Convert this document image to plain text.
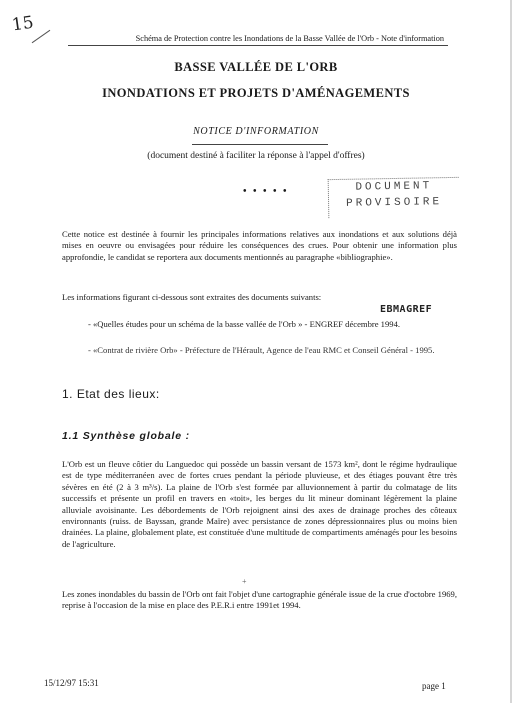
15
Schéma de Protection contre les Inondations de la Basse Vallée de l'Orb - Note d'information
BASSE VALLÉE DE L'ORB
INONDATIONS ET PROJETS D'AMÉNAGEMENTS
NOTICE D'INFORMATION
(document destiné à faciliter la réponse à l'appel d'offres)
• • • • •	DOCUMENT
PROVISOIRE
Cette notice est destinée à fournir les principales informations relatives aux inondations et aux solutions déjà mises en oeuvre ou envisagées pour réduire les conséquences des crues. Pour obtenir une information plus approfondie, le candidat se reportera aux documents mentionnés au paragraphe «bibliographie».
Les informations figurant ci-dessous sont extraites des documents suivants:
EBMAGREF
- «Quelles études pour un schéma de la basse vallée de l'Orb » - ENGREF décembre 1994.
- «Contrat de rivière Orb» - Préfecture de l'Hérault, Agence de l'eau RMC et Conseil Général - 1995.
1. Etat des lieux:
1.1 Synthèse globale :
L'Orb est un fleuve côtier du Languedoc qui possède un bassin versant de 1573 km², dont le régime hydraulique est de type méditerranéen avec de fortes crues pendant la période pluvieuse, et des étiages pouvant être très sévères en été (2 à 3 m³/s). La plaine de l'Orb s'est formée par alluvionnement à partir du colmatage de lits successifs et présente un profil en travers en «toit», les berges du lit mineur dominant légèrement la plaine alluviale avoisinante. Les débordements de l'Orb rejoignent ainsi des axes de drainage proches des côteaux environnants (ruiss. de Bayssan, grande Maïre) avec persistance de zones dépressionnaires plus ou moins bien drainées. La plaine, globalement plate, est constituée d'une multitude de compartiments aménagés pour les besoins de l'agriculture.
+
Les zones inondables du bassin de l'Orb ont fait l'objet d'une cartographie générale issue de la crue d'octobre 1969, reprise à l'occasion de la mise en place des P.E.R.i entre 1991et 1994.
15/12/97 15:31	page 1
